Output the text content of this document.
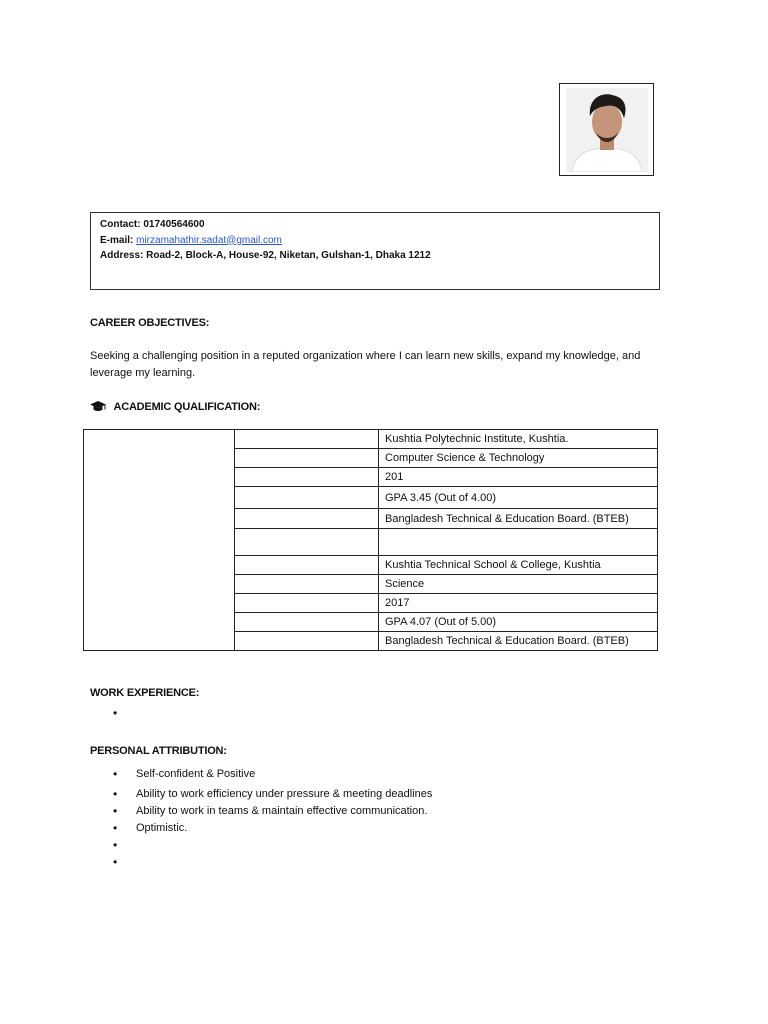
Contact: 01740564600
E-mail: mirzamahathir.sadat@gmail.com
Address: Road-2, Block-A, House-92, Niketan, Gulshan-1, Dhaka 1212
CAREER OBJECTIVES:
Seeking a challenging position in a reputed organization where I can learn new skills, expand my knowledge, and leverage my learning.
ACADEMIC QUALIFICATION:
		Kushtia Polytechnic Institute, Kushtia.
		Computer Science & Technology
		201
		GPA 3.45 (Out of 4.00)
		Bangladesh Technical & Education Board. (BTEB)

		Kushtia Technical School & College, Kushtia
		Science
		2017
		GPA 4.07 (Out of 5.00)
		Bangladesh Technical & Education Board. (BTEB)
WORK EXPERIENCE:
•
PERSONAL ATTRIBUTION:
• Self-confident & Positive
• Ability to work efficiency under pressure & meeting deadlines
• Ability to work in teams & maintain effective communication.
• Optimistic.
•
•
